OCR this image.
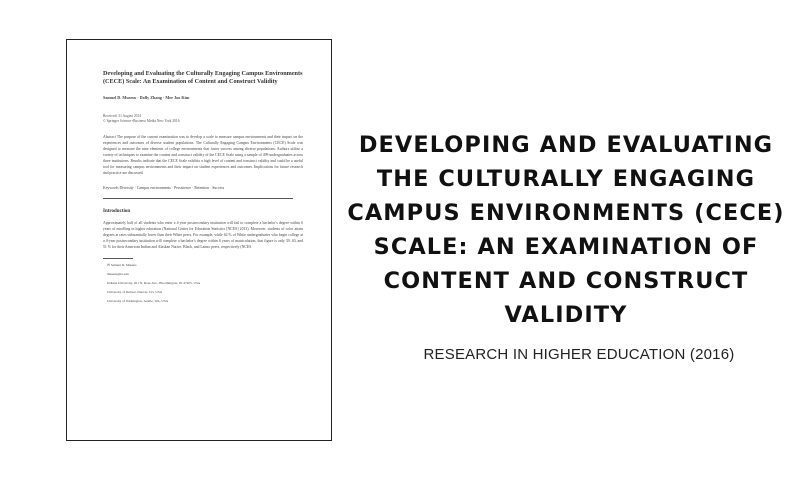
Developing and Evaluating the Culturally Engaging Campus Environments (CECE) Scale: An Examination of Content and Construct Validity
Samuel D. Museus · Dolly Zhang · Mee Joo Kim
Received: 31 August 2014
© Springer Science+Business Media New York 2016
Abstract The purpose of the current examination was to develop a scale to measure campus environments and their impact on the experiences and outcomes of diverse student populations. The Culturally Engaging Campus Environments (CECE) Scale was designed to measure the nine elements of college environments that foster success among diverse populations. Authors utilize a variety of techniques to examine the content and construct validity of the CECE Scale using a sample of 499 undergraduates across three institutions. Results indicate that the CECE Scale exhibits a high level of content and construct validity and could be a useful tool for measuring campus environments and their impact on student experiences and outcomes. Implications for future research and practice are discussed.
Keywords Diversity · Campus environments · Persistence · Retention · Success
Introduction
Approximately half of all students who enter a 4-year postsecondary institution will fail to complete a bachelor's degree within 6 years of enrolling in higher education (National Center for Education Statistics [NCES] 2013). Moreover, students of color attain degrees at rates substantially lower than their White peers. For example, while 62 % of White undergraduates who begin college at a 4-year postsecondary institution will complete a bachelor's degree within 6 years of matriculation, that figure is only 39, 40, and 51 % for their American Indian and Alaskan Native, Black, and Latino peers, respectively (NCES
✉ Samuel D. Museus
museus@iu.edu
Indiana University, 201 N. Rose Ave., Bloomington, IN 47405, USA
University of Denver, Denver, CO, USA
University of Washington, Seattle, WA, USA
DEVELOPING AND EVALUATING THE CULTURALLY ENGAGING CAMPUS ENVIRONMENTS (CECE) SCALE: AN EXAMINATION OF CONTENT AND CONSTRUCT VALIDITY
RESEARCH IN HIGHER EDUCATION (2016)
